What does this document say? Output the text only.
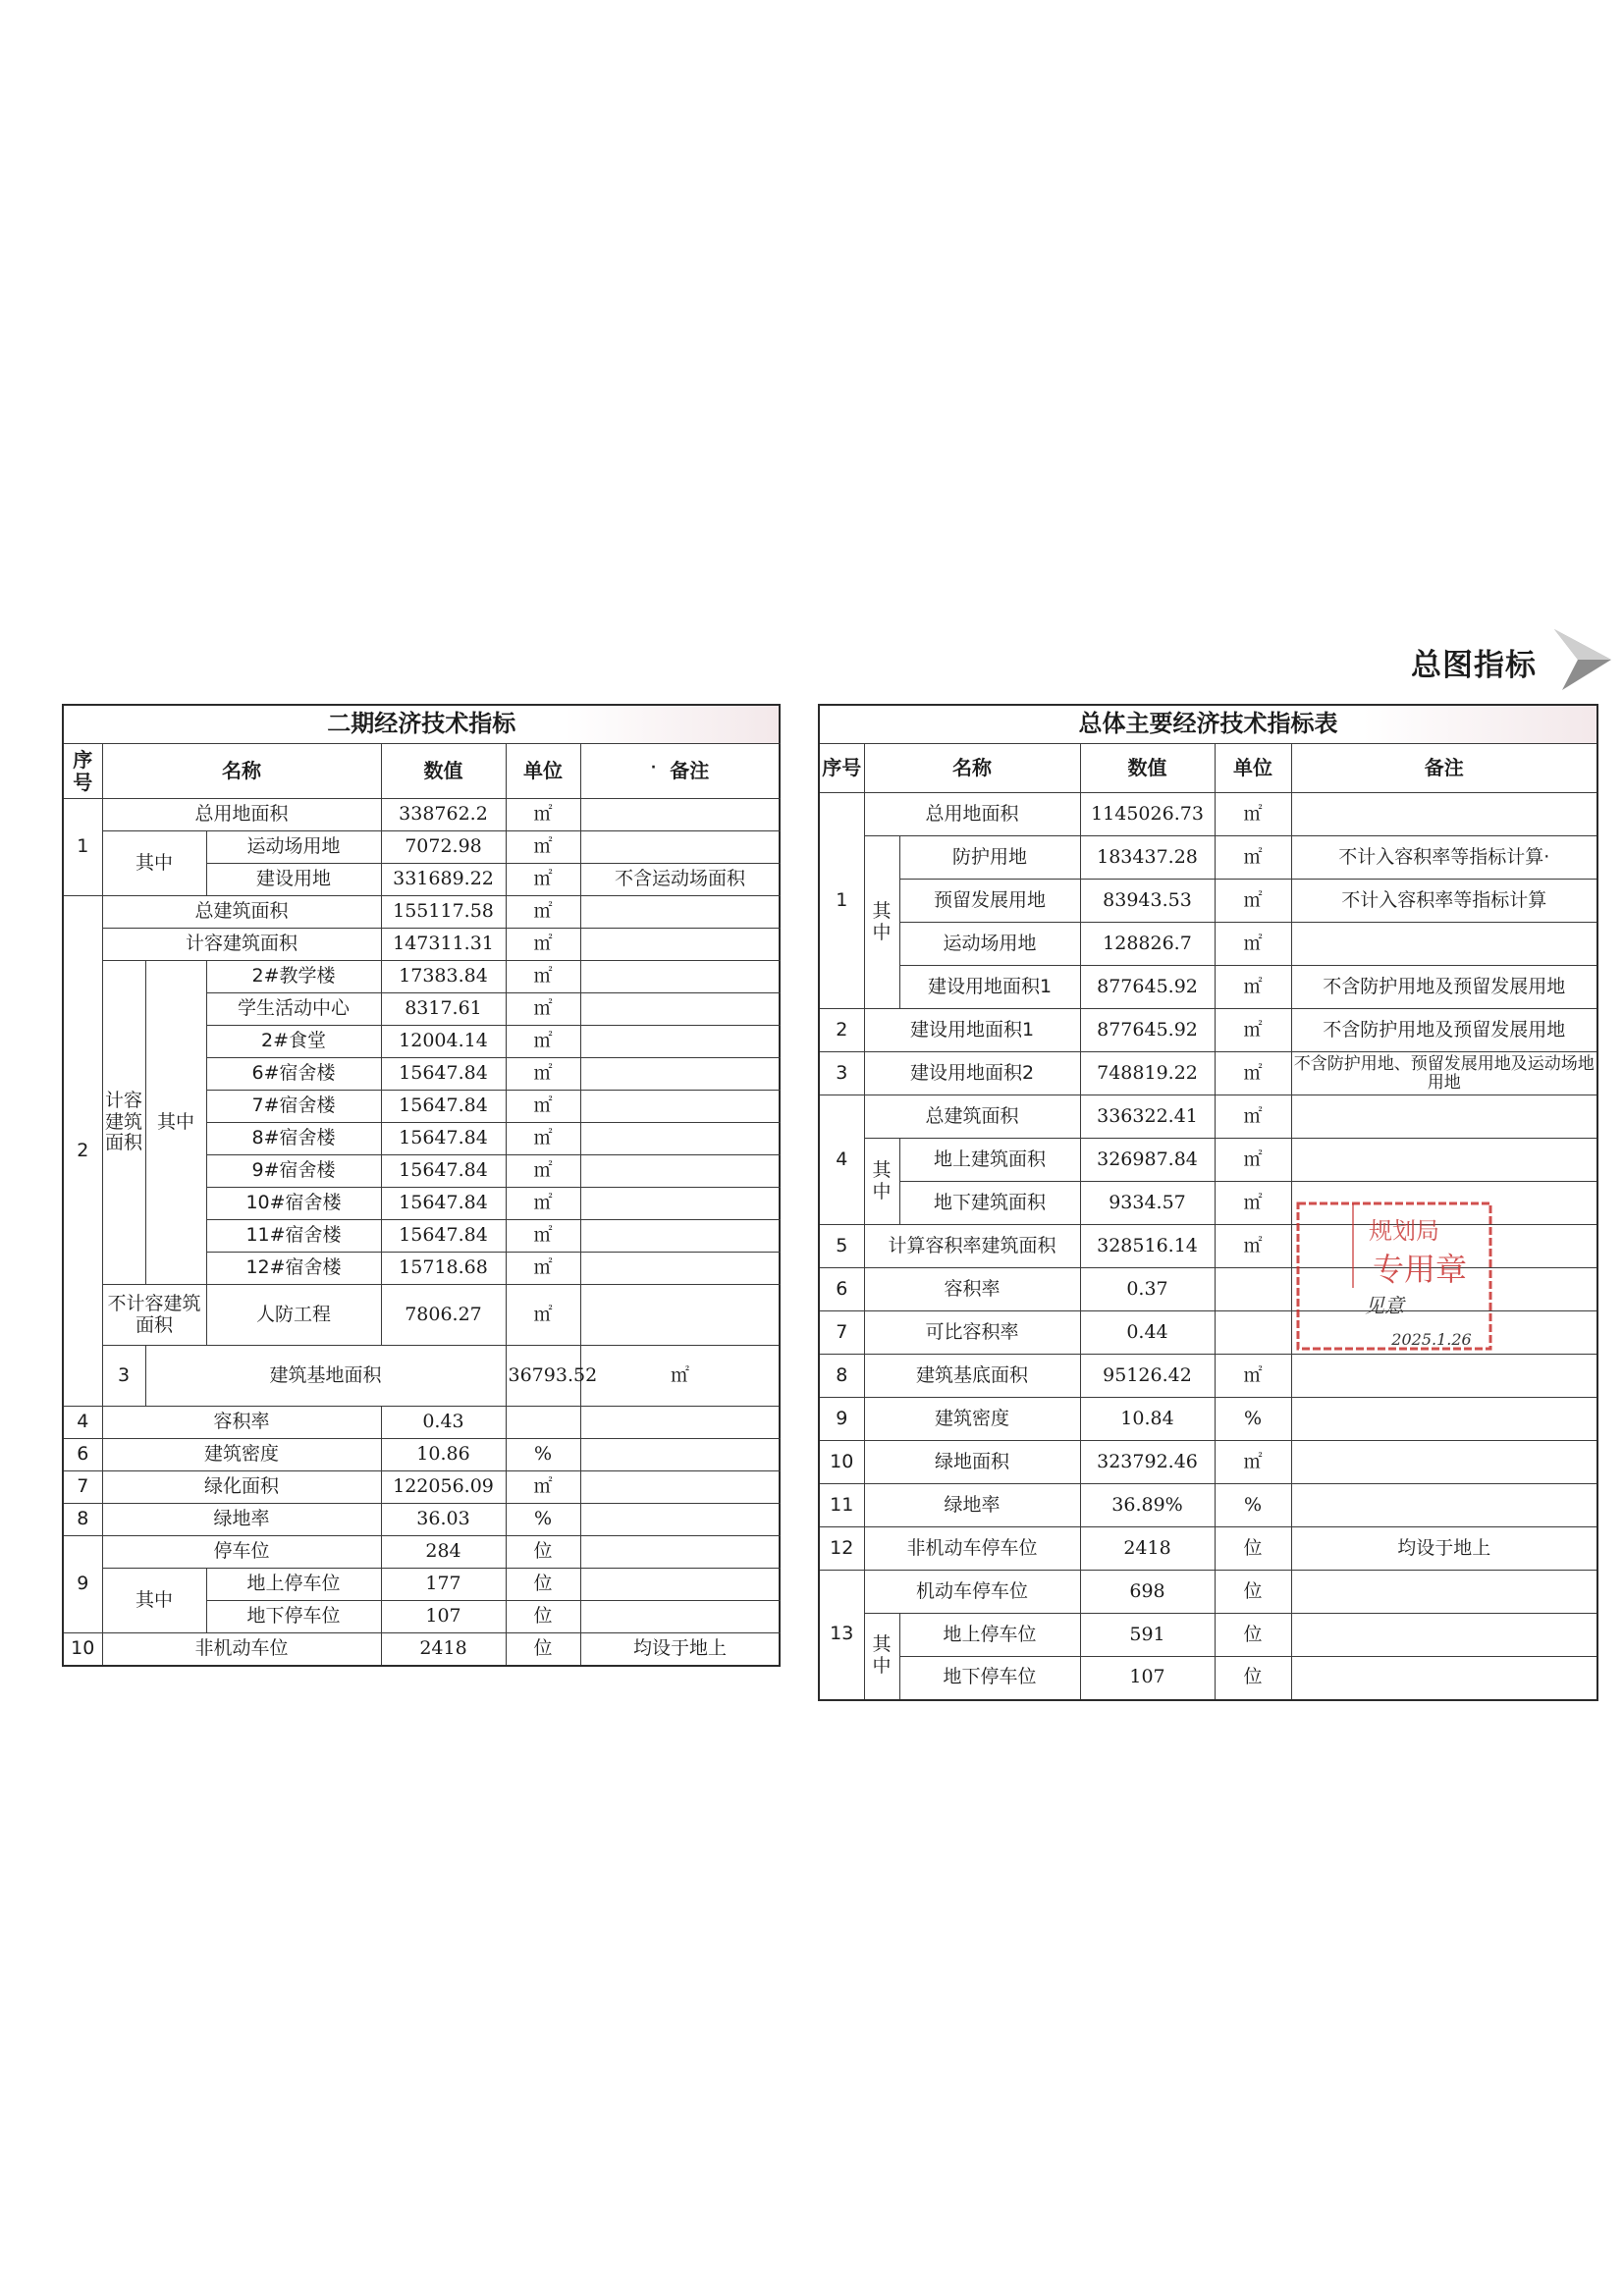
总图指标
二期经济技术指标							
序号	名称			数值	单位	· 备注	
1	总用地面积			338762.2	㎡		
	其中		运动场用地	7072.98	㎡		
			建设用地	331689.22	㎡	不含运动场面积	
2	总建筑面积			155117.58	㎡		
	计容建筑面积			147311.31	㎡		
	计容建筑面积	其中	2#教学楼	17383.84	㎡		
			学生活动中心	8317.61	㎡		
			2#食堂	12004.14	㎡		
			6#宿舍楼	15647.84	㎡		
			7#宿舍楼	15647.84	㎡		
			8#宿舍楼	15647.84	㎡		
			9#宿舍楼	15647.84	㎡		
			10#宿舍楼	15647.84	㎡		
			11#宿舍楼	15647.84	㎡		
			12#宿舍楼	15718.68	㎡		
	不计容建筑面积		人防工程	7806.27	㎡		
	3	建筑基地面积			36793.52	㎡	
4	容积率			0.43			
6	建筑密度			10.86	%		
7	绿化面积			122056.09	㎡		
8	绿地率			36.03	%		
9	停车位			284	位		
	其中		地上停车位	177	位		
			地下停车位	107	位		
10	非机动车位			2418	位	均设于地上	
总体主要经济技术指标表					
序号	名称		数值	单位	备注
1	总用地面积		1145026.73	㎡	
	其中	防护用地	183437.28	㎡	不计入容积率等指标计算·
		预留发展用地	83943.53	㎡	不计入容积率等指标计算
		运动场用地	128826.7	㎡	
		建设用地面积1	877645.92	㎡	不含防护用地及预留发展用地
2	建设用地面积1		877645.92	㎡	不含防护用地及预留发展用地
3	建设用地面积2		748819.22	㎡	不含防护用地、预留发展用地及运动场地用地
4	总建筑面积		336322.41	㎡	
	其中	地上建筑面积	326987.84	㎡	
		地下建筑面积	9334.57	㎡	
5	计算容积率建筑面积		328516.14	㎡	
6	容积率		0.37		
7	可比容积率		0.44		
8	建筑基底面积		95126.42	㎡	
9	建筑密度		10.84	%	
10	绿地面积		323792.46	㎡	
11	绿地率		36.89%	%	
12	非机动车停车位		2418	位	均设于地上
13	机动车停车位		698	位	
	其中	地上停车位	591	位	
		地下停车位	107	位	
规划局
专用章
见意
2025.1.26
